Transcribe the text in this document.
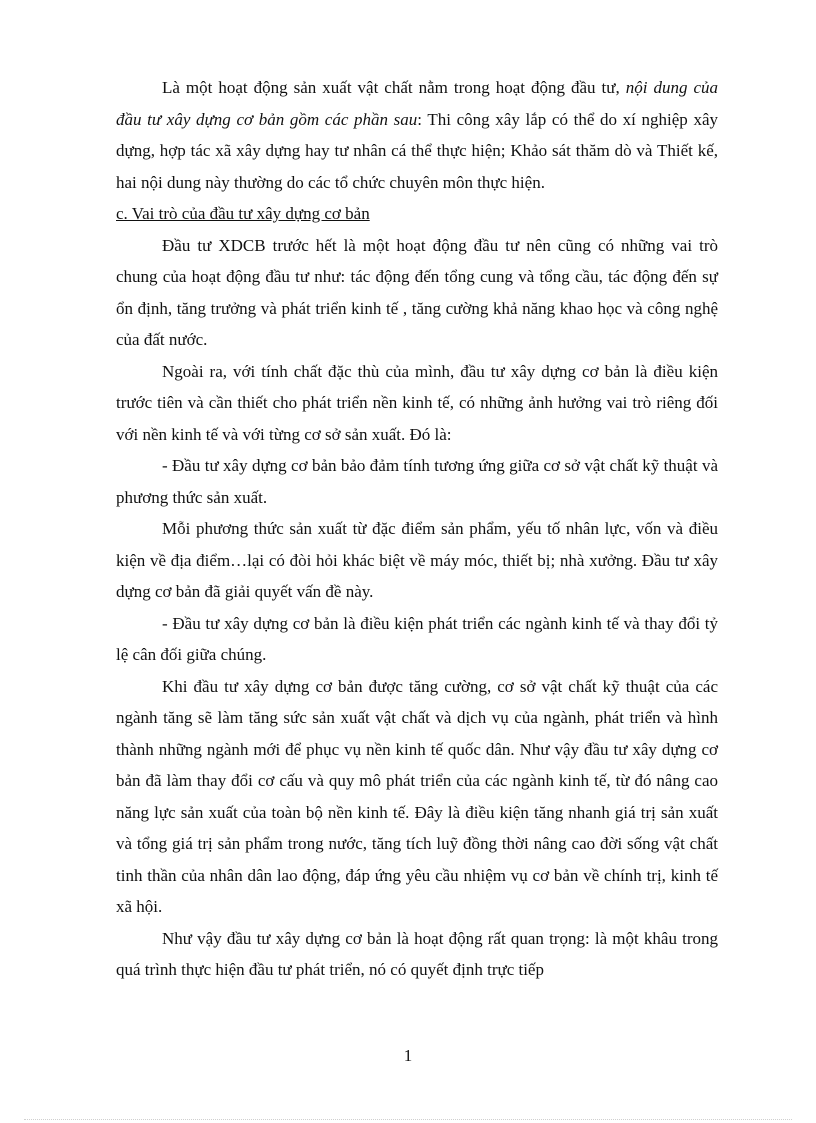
Là một hoạt động sản xuất vật chất nằm trong hoạt động đầu tư, nội dung của đầu tư xây dựng cơ bản gồm các phần sau: Thi công xây lắp có thể do xí nghiệp xây dựng, hợp tác xã xây dựng hay tư nhân cá thể thực hiện; Khảo sát thăm dò và Thiết kế, hai nội dung này thường do các tổ chức chuyên môn thực hiện.

c. Vai trò của đầu tư xây dựng cơ bản

Đầu tư XDCB trước hết là một hoạt động đầu tư nên cũng có những vai trò chung của hoạt động đầu tư như: tác động đến tổng cung và tổng cầu, tác động đến sự ổn định, tăng trưởng và phát triển kinh tế , tăng cường khả năng khao học và công nghệ của đất nước.

Ngoài ra, với tính chất đặc thù của mình, đầu tư xây dựng cơ bản là điều kiện trước tiên và cần thiết cho phát triển nền kinh tế, có những ảnh hưởng vai trò riêng đối với nền kinh tế và với từng cơ sở sản xuất. Đó là:

- Đầu tư xây dựng cơ bản bảo đảm tính tương ứng giữa cơ sở vật chất kỹ thuật và phương thức sản xuất.

Mỗi phương thức sản xuất từ đặc điểm sản phẩm, yếu tố nhân lực, vốn và điều kiện về địa điểm…lại có đòi hỏi khác biệt về máy móc, thiết bị; nhà xưởng. Đầu tư xây dựng cơ bản đã giải quyết vấn đề này.

- Đầu tư xây dựng cơ bản là điều kiện phát triển các ngành kinh tế và thay đổi tỷ lệ cân đối giữa chúng.

Khi đầu tư xây dựng cơ bản được tăng cường, cơ sở vật chất kỹ thuật của các ngành tăng sẽ làm tăng sức sản xuất vật chất và dịch vụ của ngành, phát triển và hình thành những ngành mới để phục vụ nền kinh tế quốc dân. Như vậy đầu tư xây dựng cơ bản đã làm thay đổi cơ cấu và quy mô phát triển của các ngành kinh tế, từ đó nâng cao năng lực sản xuất của toàn bộ nền kinh tế. Đây là điều kiện tăng nhanh giá trị sản xuất và tổng giá trị sản phẩm trong nước, tăng tích luỹ đồng thời nâng cao đời sống vật chất tinh thần của nhân dân lao động, đáp ứng yêu cầu nhiệm vụ cơ bản về chính trị, kinh tế xã hội.

Như vậy đầu tư xây dựng cơ bản là hoạt động rất quan trọng: là một khâu trong quá trình thực hiện đầu tư phát triển, nó có quyết định trực tiếp

1
